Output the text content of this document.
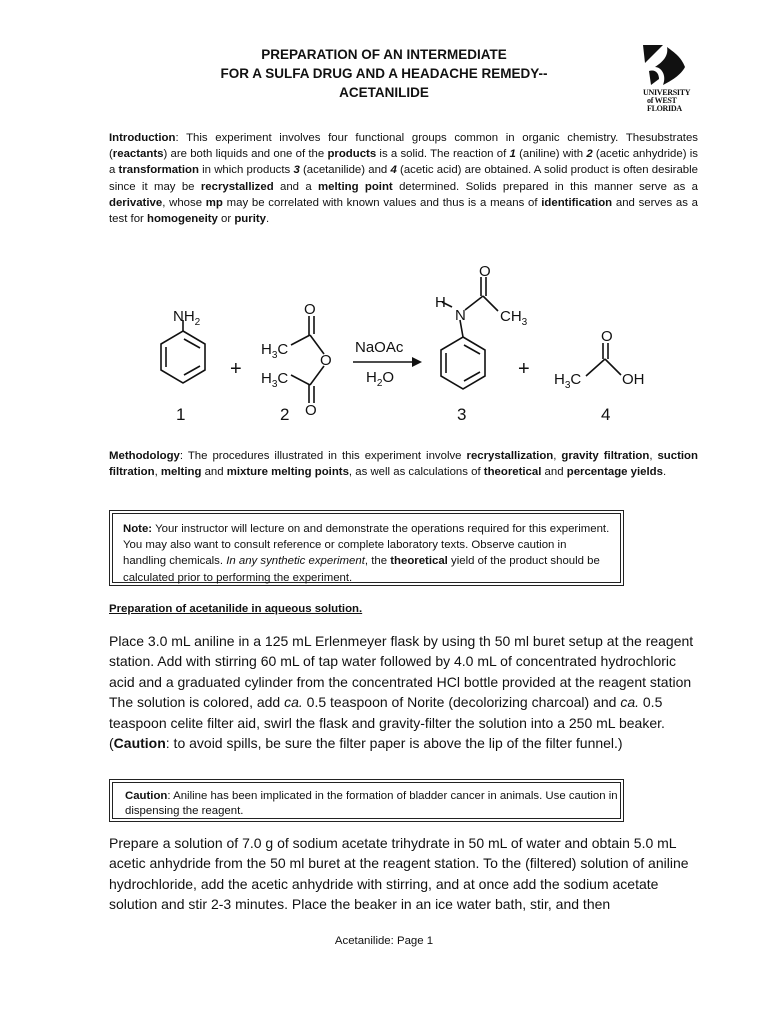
PREPARATION OF AN INTERMEDIATE
FOR A SULFA DRUG AND A HEADACHE REMEDY--
ACETANILIDE	UNIVERSITY
of WEST
FLORIDA
Introduction: This experiment involves four functional groups common in organic chemistry. Thesubstrates (reactants) are both liquids and one of the products is a solid. The reaction of 1 (aniline) with 2 (acetic anhydride) is a transformation in which products 3 (acetanilide) and 4 (acetic acid) are obtained. A solid product is often desirable since it may be recrystallized and a melting point determined. Solids prepared in this manner serve as a derivative, whose mp may be correlated with known values and thus is a means of identification and serves as a test for homogeneity or purity.
$NH_2$
+
$H_3C$
O
O
$H_3C$
O
NaOAc
$H_2O$
H
N
O
$CH_3$
+
O
$H_3C$	OH
1	2	3	4
Methodology: The procedures illustrated in this experiment involve recrystallization, gravity filtration, suction filtration, melting and mixture melting points, as well as calculations of theoretical and percentage yields.
Note: Your instructor will lecture on and demonstrate the operations required for this experiment. You may also want to consult reference or complete laboratory texts. Observe caution in handling chemicals. In any synthetic experiment, the theoretical yield of the product should be calculated prior to performing the experiment.
Preparation of acetanilide in aqueous solution.
Place 3.0 mL aniline in a 125 mL Erlenmeyer flask by using th 50 ml buret setup at the reagent station. Add with stirring 60 mL of tap water followed by 4.0 mL of concentrated hydrochloric acid and a graduated cylinder from the concentrated HCl bottle provided at the reagent station The solution is colored, add ca. 0.5 teaspoon of Norite (decolorizing charcoal) and ca. 0.5 teaspoon celite filter aid, swirl the flask and gravity-filter the solution into a 250 mL beaker. (Caution: to avoid spills, be sure the filter paper is above the lip of the filter funnel.)
Caution: Aniline has been implicated in the formation of bladder cancer in animals. Use caution in dispensing the reagent.
Prepare a solution of 7.0 g of sodium acetate trihydrate in 50 mL of water and obtain 5.0 mL acetic anhydride from the 50 ml buret at the reagent station. To the (filtered) solution of aniline hydrochloride, add the acetic anhydride with stirring, and at once add the sodium acetate solution and stir 2-3 minutes. Place the beaker in an ice water bath, stir, and then
Acetanilide: Page 1
